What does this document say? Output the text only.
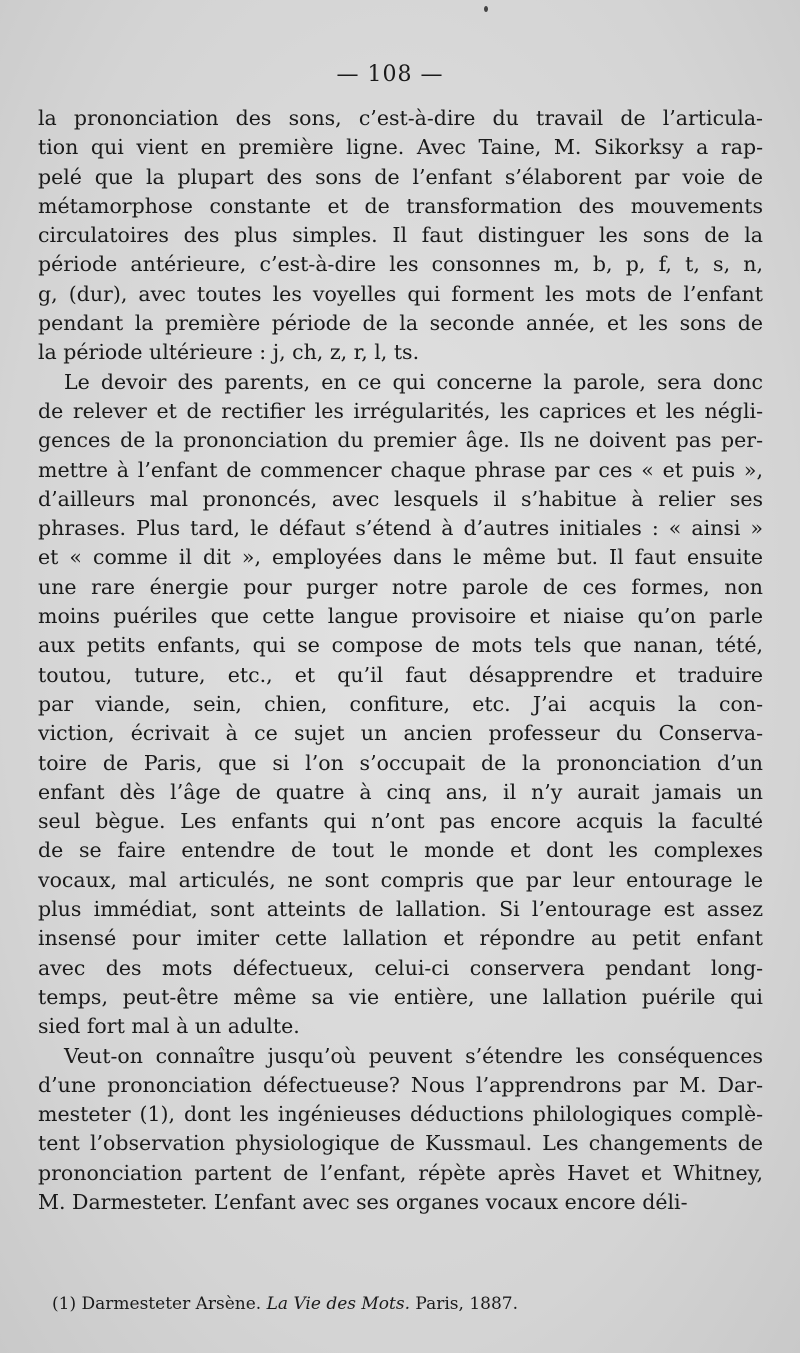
— 108 —
la prononciation des sons, c’est-à-dire du travail de l’articula-
tion qui vient en première ligne. Avec Taine, M. Sikorksy a rap-
pelé que la plupart des sons de l’enfant s’élaborent par voie de
métamorphose constante et de transformation des mouvements
circulatoires des plus simples. Il faut distinguer les sons de la
période antérieure, c’est-à-dire les consonnes m, b, p, f, t, s, n,
g, (dur), avec toutes les voyelles qui forment les mots de l’enfant
pendant la première période de la seconde année, et les sons de
la période ultérieure : j, ch, z, r, l, ts.
Le devoir des parents, en ce qui concerne la parole, sera donc
de relever et de rectifier les irrégularités, les caprices et les négli-
gences de la prononciation du premier âge. Ils ne doivent pas per-
mettre à l’enfant de commencer chaque phrase par ces « et puis »,
d’ailleurs mal prononcés, avec lesquels il s’habitue à relier ses
phrases. Plus tard, le défaut s’étend à d’autres initiales : « ainsi »
et « comme il dit », employées dans le même but. Il faut ensuite
une rare énergie pour purger notre parole de ces formes, non
moins puériles que cette langue provisoire et niaise qu’on parle
aux petits enfants, qui se compose de mots tels que nanan, tété,
toutou, tuture, etc., et qu’il faut désapprendre et traduire
par viande, sein, chien, confiture, etc. J’ai acquis la con-
viction, écrivait à ce sujet un ancien professeur du Conserva-
toire de Paris, que si l’on s’occupait de la prononciation d’un
enfant dès l’âge de quatre à cinq ans, il n’y aurait jamais un
seul bègue. Les enfants qui n’ont pas encore acquis la faculté
de se faire entendre de tout le monde et dont les complexes
vocaux, mal articulés, ne sont compris que par leur entourage le
plus immédiat, sont atteints de lallation. Si l’entourage est assez
insensé pour imiter cette lallation et répondre au petit enfant
avec des mots défectueux, celui-ci conservera pendant long-
temps, peut-être même sa vie entière, une lallation puérile qui
sied fort mal à un adulte.
Veut-on connaître jusqu’où peuvent s’étendre les conséquences
d’une prononciation défectueuse? Nous l’apprendrons par M. Dar-
mesteter (1), dont les ingénieuses déductions philologiques complè-
tent l’observation physiologique de Kussmaul. Les changements de
prononciation partent de l’enfant, répète après Havet et Whitney,
M. Darmesteter. L’enfant avec ses organes vocaux encore déli-
(1) Darmesteter Arsène. La Vie des Mots. Paris, 1887.
